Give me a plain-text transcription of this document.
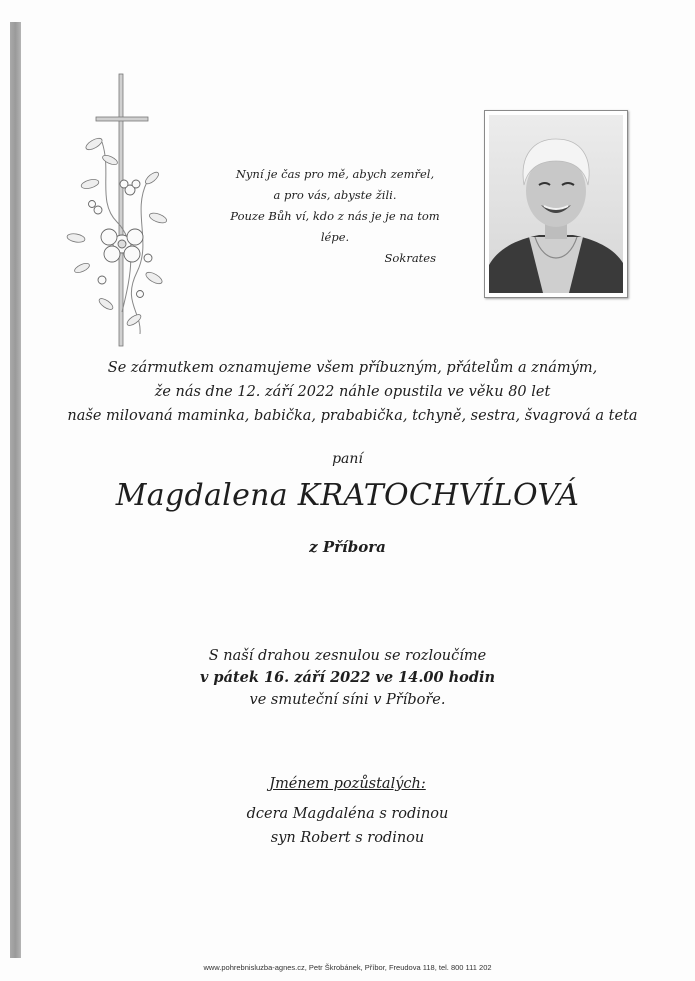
Nyní je čas pro mě, abych zemřel,
a pro vás, abyste žili.
Pouze Bůh ví, kdo z nás je je na tom
lépe.
Sokrates
Se zármutkem oznamujeme všem příbuzným, přátelům a známým,
že nás dne 12. září 2022 náhle opustila ve věku 80 let
naše milovaná maminka, babička, prababička, tchyně, sestra, švagrová a teta
paní
Magdalena KRATOCHVÍLOVÁ
z Příbora
S naší drahou zesnulou se rozloučíme
v pátek 16. září 2022 ve 14.00 hodin
ve smuteční síni v Příboře.
Jménem pozůstalých:
dcera Magdaléna s rodinou
syn Robert s rodinou
www.pohrebnisluzba-agnes.cz, Petr Škrobánek, Příbor, Freudova 118, tel. 800 111 202
